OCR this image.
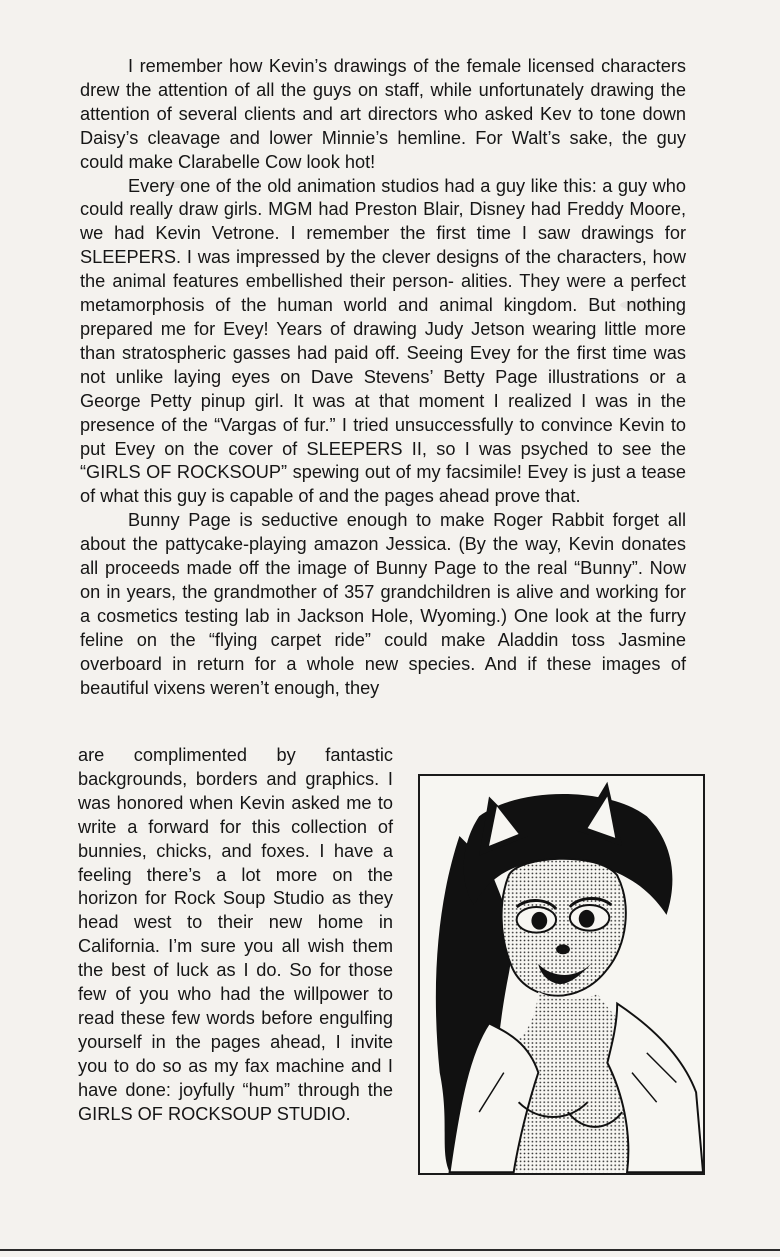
I remember how Kevin’s drawings of the female licensed characters drew the attention of all the guys on staff, while unfortunately drawing the attention of several clients and art directors who asked Kev to tone down Daisy’s cleavage and lower Minnie’s hemline. For Walt’s sake, the guy could make Clarabelle Cow look hot!

Every one of the old animation studios had a guy like this: a guy who could really draw girls. MGM had Preston Blair, Disney had Freddy Moore, we had Kevin Vetrone. I remember the first time I saw drawings for SLEEPERS. I was impressed by the clever designs of the characters, how the animal features embellished their person- alities. They were a perfect metamorphosis of the human world and animal kingdom. But nothing prepared me for Evey! Years of drawing Judy Jetson wearing little more than stratospheric gasses had paid off. Seeing Evey for the first time was not unlike laying eyes on Dave Stevens’ Betty Page illustrations or a George Petty pinup girl. It was at that moment I realized I was in the presence of the “Vargas of fur.” I tried unsuccessfully to convince Kevin to put Evey on the cover of SLEEPERS II, so I was psyched to see the “GIRLS OF ROCKSOUP” spewing out of my facsimile! Evey is just a tease of what this guy is capable of and the pages ahead prove that.

Bunny Page is seductive enough to make Roger Rabbit forget all about the pattycake-playing amazon Jessica. (By the way, Kevin donates all proceeds made off the image of Bunny Page to the real “Bunny”. Now on in years, the grandmother of 357 grandchildren is alive and working for a cosmetics testing lab in Jackson Hole, Wyoming.) One look at the furry feline on the “flying carpet ride” could make Aladdin toss Jasmine overboard in return for a whole new species. And if these images of beautiful vixens weren’t enough, they

are complimented by fantastic backgrounds, borders and graphics. I was honored when Kevin asked me to write a forward for this collection of bunnies, chicks, and foxes. I have a feeling there’s a lot more on the horizon for Rock Soup Studio as they head west to their new home in California. I’m sure you all wish them the best of luck as I do. So for those few of you who had the willpower to read these few words before engulfing yourself in the pages ahead, I invite you to do so as my fax machine and I have done: joyfully “hum” through the GIRLS OF ROCKSOUP STUDIO.
